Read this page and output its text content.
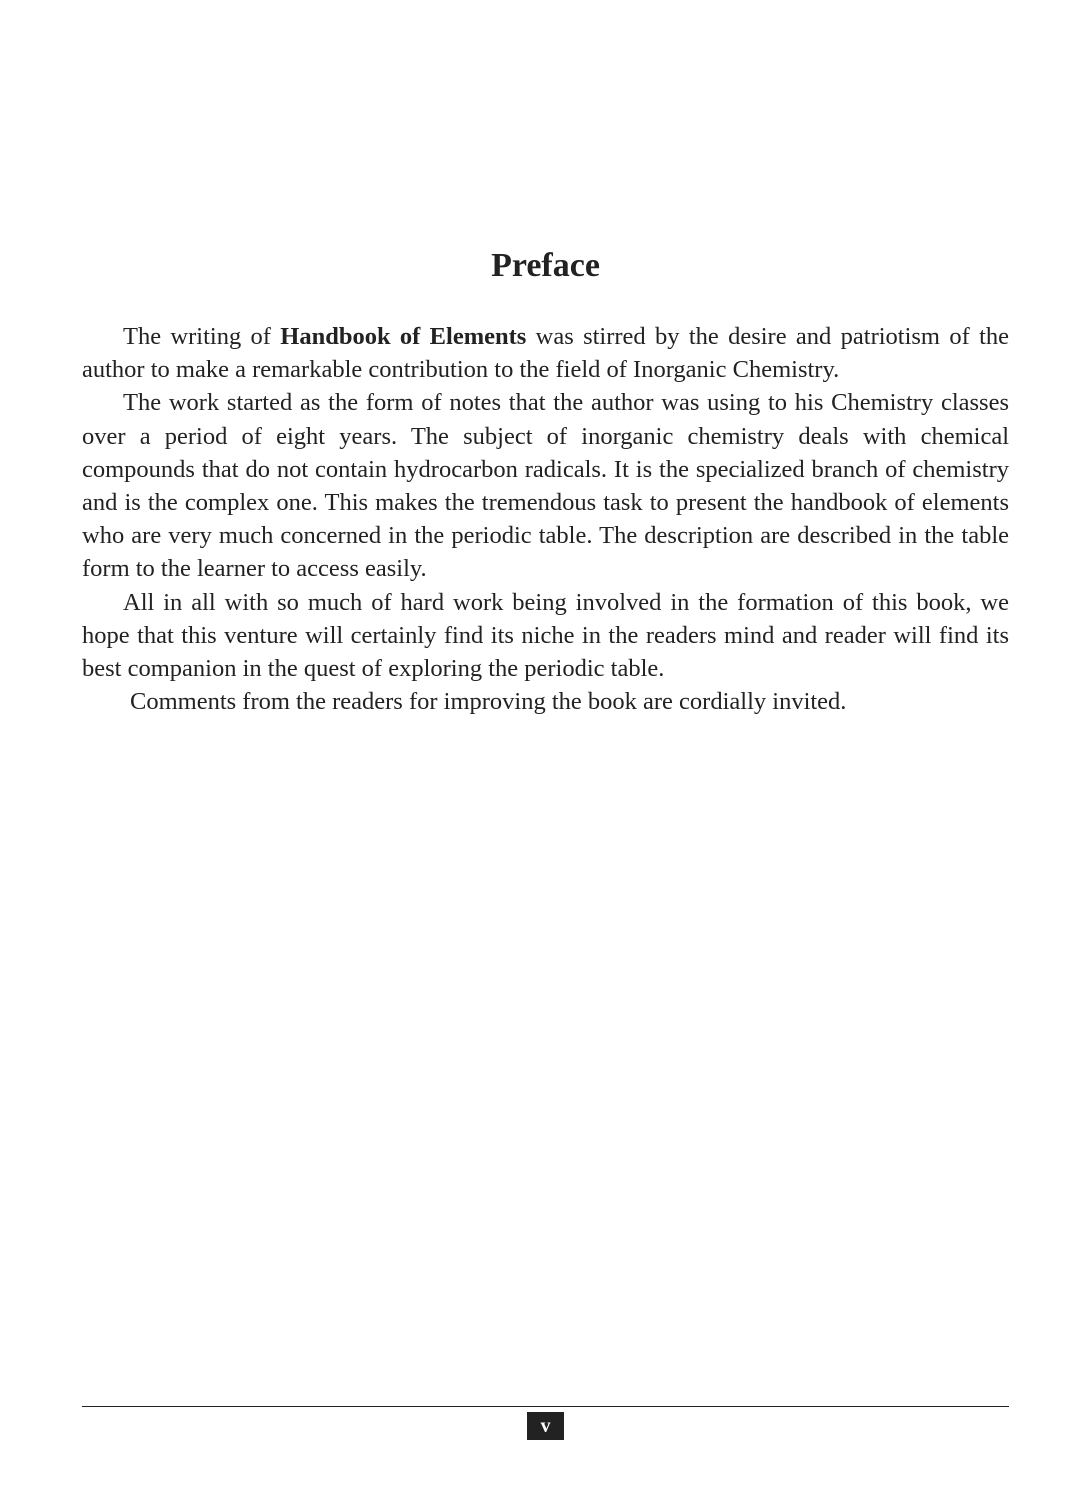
Preface

The writing of Handbook of Elements was stirred by the desire and patriotism of the author to make a remarkable contribution to the field of Inorganic Chemistry.

The work started as the form of notes that the author was using to his Chemistry classes over a period of eight years. The subject of inorganic chemistry deals with chemical compounds that do not contain hydrocarbon radicals. It is the specialized branch of chemistry and is the complex one. This makes the tremendous task to present the handbook of elements who are very much concerned in the periodic table. The description are described in the table form to the learner to access easily.

All in all with so much of hard work being involved in the formation of this book, we hope that this venture will certainly find its niche in the readers mind and reader will find its best companion in the quest of exploring the periodic table.

Comments from the readers for improving the book are cordially invited.

v
